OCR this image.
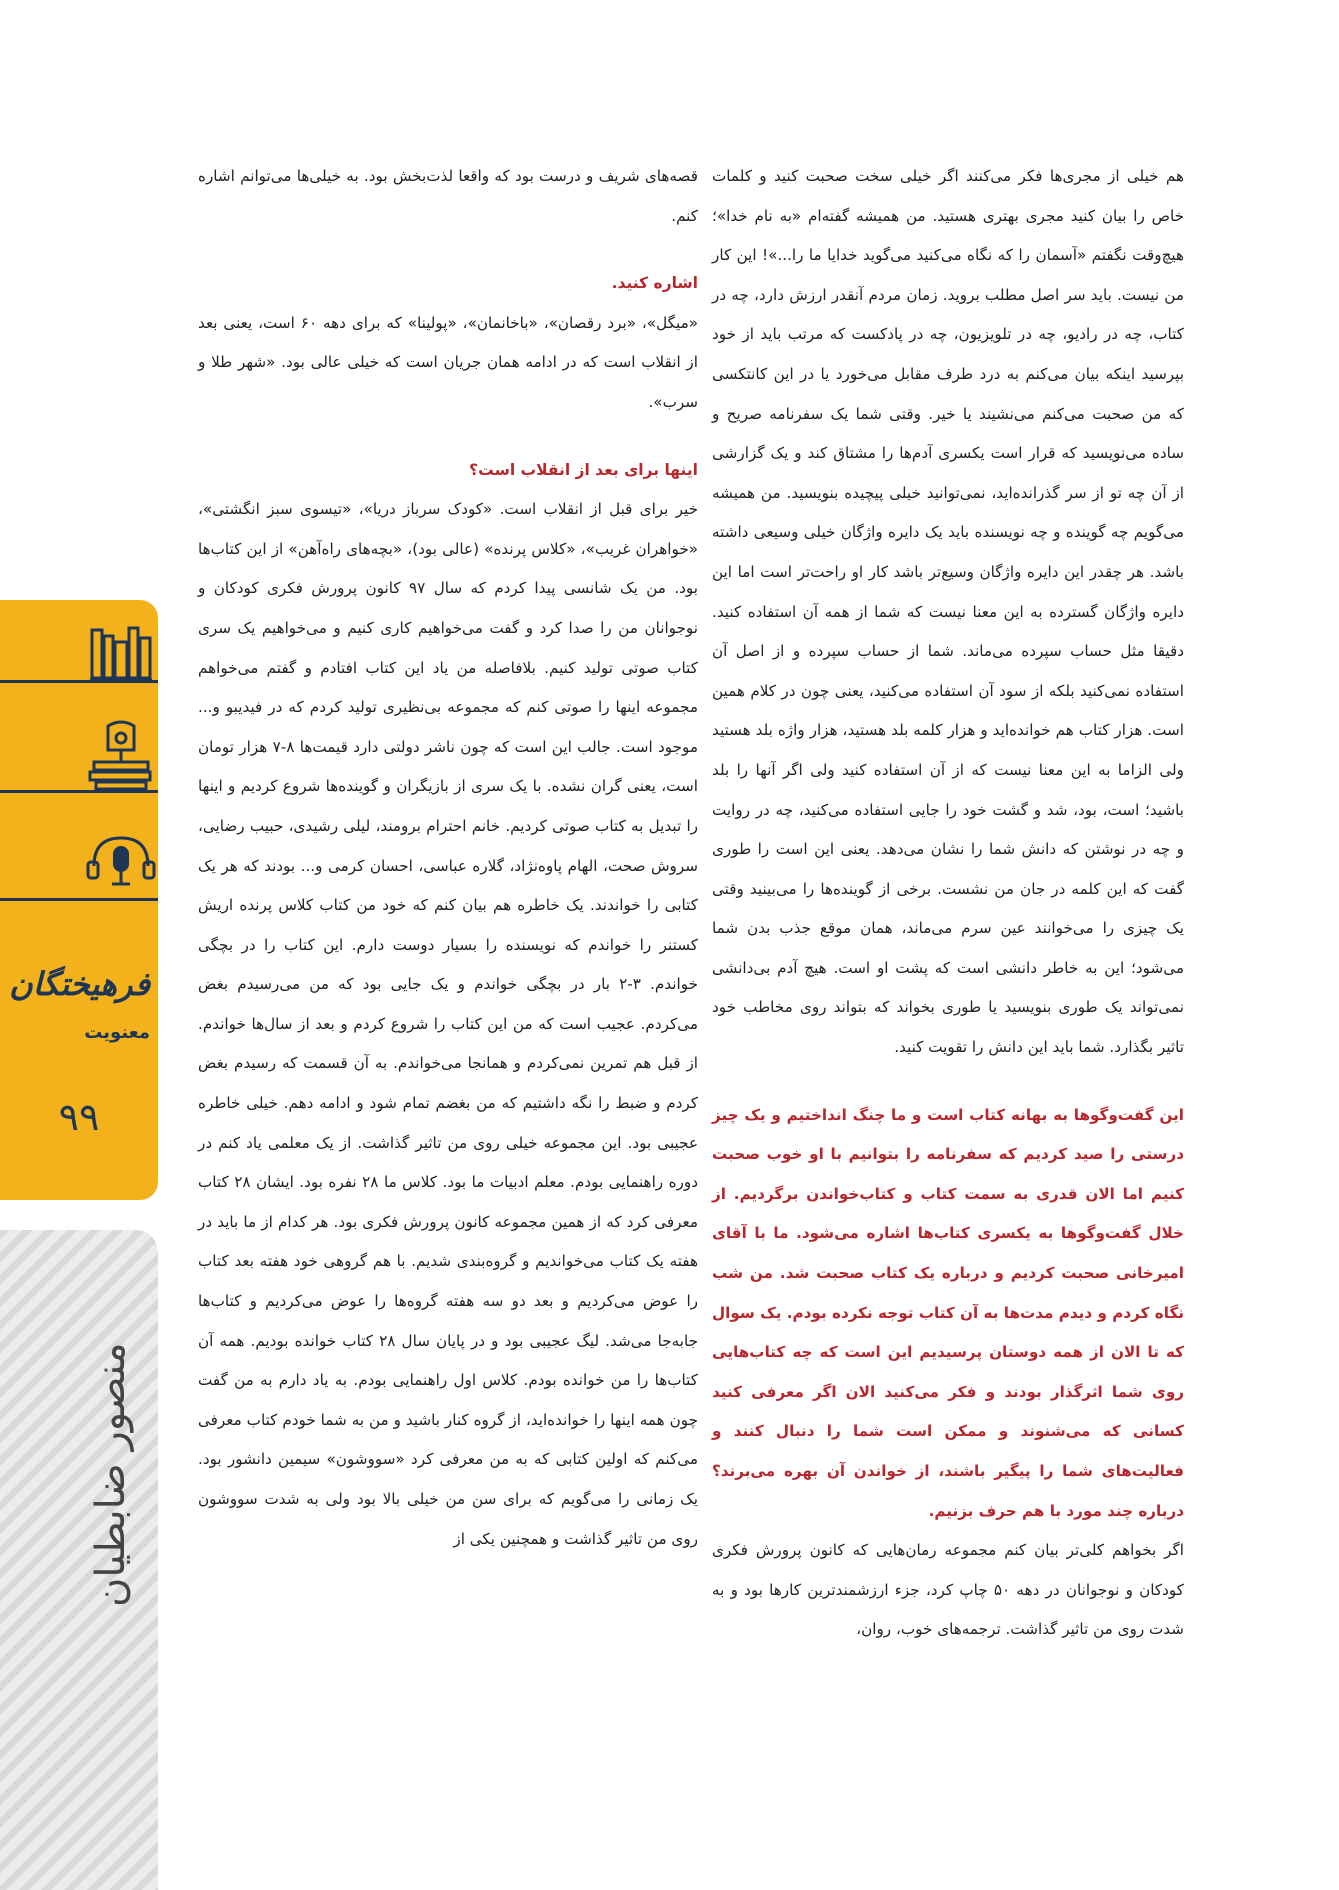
منصور ضابطیان
فرهیختگان
معنویت
۹۹

هم خیلی از مجری‌ها فکر می‌کنند اگر خیلی سخت صحبت کنید و کلمات خاص را بیان کنید مجری بهتری هستید. من همیشه گفته‌ام «به نام خدا»؛ هیچ‌وقت نگفتم «آسمان را که نگاه می‌کنید می‌گوید خدایا ما را...»! این کار من نیست. باید سر اصل مطلب بروید. زمان مردم آنقدر ارزش دارد، چه در کتاب، چه در رادیو، چه در تلویزیون، چه در پادکست که مرتب باید از خود بپرسید اینکه بیان می‌کنم به درد طرف مقابل می‌خورد یا در این کانتکسی که من صحبت می‌کنم می‌نشیند یا خیر. وقتی شما یک سفرنامه صریح و ساده می‌نویسید که قرار است یکسری آدم‌ها را مشتاق کند و یک گزارشی از آن چه تو از سر گذرانده‌اید، نمی‌توانید خیلی پیچیده بنویسید. من همیشه می‌گویم چه گوینده و چه نویسنده باید یک دایره واژگان خیلی وسیعی داشته باشد. هر چقدر این دایره واژگان وسیع‌تر باشد کار او راحت‌تر است اما این دایره واژگان گسترده به این معنا نیست که شما از همه آن استفاده کنید. دقیقا مثل حساب سپرده می‌ماند. شما از حساب سپرده و از اصل آن استفاده نمی‌کنید بلکه از سود آن استفاده می‌کنید، یعنی چون در کلام همین است. هزار کتاب هم خوانده‌اید و هزار کلمه بلد هستید، هزار واژه بلد هستید ولی الزاما به این معنا نیست که از آن استفاده کنید ولی اگر آنها را بلد باشید؛ است، بود، شد و گشت خود را جایی استفاده می‌کنید، چه در روایت و چه در نوشتن که دانش شما را نشان می‌دهد. یعنی این است را طوری گفت که این کلمه در جان من نشست. برخی از گوینده‌ها را می‌بینید وقتی یک چیزی را می‌خوانند عین سرم می‌ماند، همان موقع جذب بدن شما می‌شود؛ این به خاطر دانشی است که پشت او است. هیچ آدم بی‌دانشی نمی‌تواند یک طوری بنویسید یا طوری بخواند که بتواند روی مخاطب خود تاثیر بگذارد. شما باید این دانش را تقویت کنید.

این گفت‌وگوها به بهانه کتاب است و ما چنگ انداختیم و یک چیز درستی را صید کردیم که سفرنامه را بتوانیم با او خوب صحبت کنیم اما الان قدری به سمت کتاب و کتاب‌خواندن برگردیم. از خلال گفت‌وگوها به یکسری کتاب‌ها اشاره می‌شود. ما با آقای امیرخانی صحبت کردیم و درباره یک کتاب صحبت شد. من شب نگاه کردم و دیدم مدت‌ها به آن کتاب توجه نکرده بودم. یک سوال که تا الان از همه دوستان پرسیدیم این است که چه کتاب‌هایی روی شما اثرگذار بودند و فکر می‌کنید الان اگر معرفی کنید کسانی که می‌شنوند و ممکن است شما را دنبال کنند و فعالیت‌های شما را پیگیر باشند، از خواندن آن بهره می‌برند؟ درباره چند مورد با هم حرف بزنیم.

اگر بخواهم کلی‌تر بیان کنم مجموعه رمان‌هایی که کانون پرورش فکری کودکان و نوجوانان در دهه ۵۰ چاپ کرد، جزء ارزشمندترین کارها بود و به شدت روی من تاثیر گذاشت. ترجمه‌های خوب، روان،

قصه‌های شریف و درست بود که واقعا لذت‌بخش بود. به خیلی‌ها می‌توانم اشاره کنم.

اشاره کنید.

«میگل»، «برد رقصان»، «باخانمان»، «پولینا» که برای دهه ۶۰ است، یعنی بعد از انقلاب است که در ادامه همان جریان است که خیلی عالی بود. «شهر طلا و سرب».

اینها برای بعد از انقلاب است؟

خیر برای قبل از انقلاب است. «کودک سرباز دریا»، «تیسوی سبز انگشتی»، «خواهران غریب»، «کلاس پرنده» (عالی بود)، «بچه‌های راه‌آهن» از این کتاب‌ها بود. من یک شانسی پیدا کردم که سال ۹۷ کانون پرورش فکری کودکان و نوجوانان من را صدا کرد و گفت می‌خواهیم کاری کنیم و می‌خواهیم یک سری کتاب صوتی تولید کنیم. بلافاصله من یاد این کتاب افتادم و گفتم می‌خواهم مجموعه اینها را صوتی کنم که مجموعه بی‌نظیری تولید کردم که در فیدیبو و... موجود است. جالب این است که چون ناشر دولتی دارد قیمت‌ها ۸-۷ هزار تومان است، یعنی گران نشده. با یک سری از بازیگران و گوینده‌ها شروع کردیم و اینها را تبدیل به کتاب صوتی کردیم. خانم احترام برومند، لیلی رشیدی، حبیب رضایی، سروش صحت، الهام پاوه‌نژاد، گلاره عباسی، احسان کرمی و... بودند که هر یک کتابی را خواندند. یک خاطره هم بیان کنم که خود من کتاب کلاس پرنده اریش کستنر را خواندم که نویسنده را بسیار دوست دارم. این کتاب را در بچگی خواندم. ۳-۲ بار در بچگی خواندم و یک جایی بود که من می‌رسیدم بغض می‌کردم. عجیب است که من این کتاب را شروع کردم و بعد از سال‌ها خواندم. از قبل هم تمرین نمی‌کردم و همانجا می‌خواندم. به آن قسمت که رسیدم بغض کردم و ضبط را نگه داشتیم که من بغضم تمام شود و ادامه دهم. خیلی خاطره عجیبی بود. این مجموعه خیلی روی من تاثیر گذاشت. از یک معلمی یاد کنم در دوره راهنمایی بودم. معلم ادبیات ما بود. کلاس ما ۲۸ نفره بود. ایشان ۲۸ کتاب معرفی کرد که از همین مجموعه کانون پرورش فکری بود. هر کدام از ما باید در هفته یک کتاب می‌خواندیم و گروه‌بندی شدیم. با هم گروهی خود هفته بعد کتاب را عوض می‌کردیم و بعد دو سه هفته گروه‌ها را عوض می‌کردیم و کتاب‌ها جابه‌جا می‌شد. لیگ عجیبی بود و در پایان سال ۲۸ کتاب خوانده بودیم. همه آن کتاب‌ها را من خوانده بودم. کلاس اول راهنمایی بودم. به یاد دارم به من گفت چون همه اینها را خوانده‌اید، از گروه کنار باشید و من به شما خودم کتاب معرفی می‌کنم که اولین کتابی که به من معرفی کرد «سووشون» سیمین دانشور بود. یک زمانی را می‌گویم که برای سن من خیلی بالا بود ولی به شدت سووشون روی من تاثیر گذاشت و همچنین یکی از
